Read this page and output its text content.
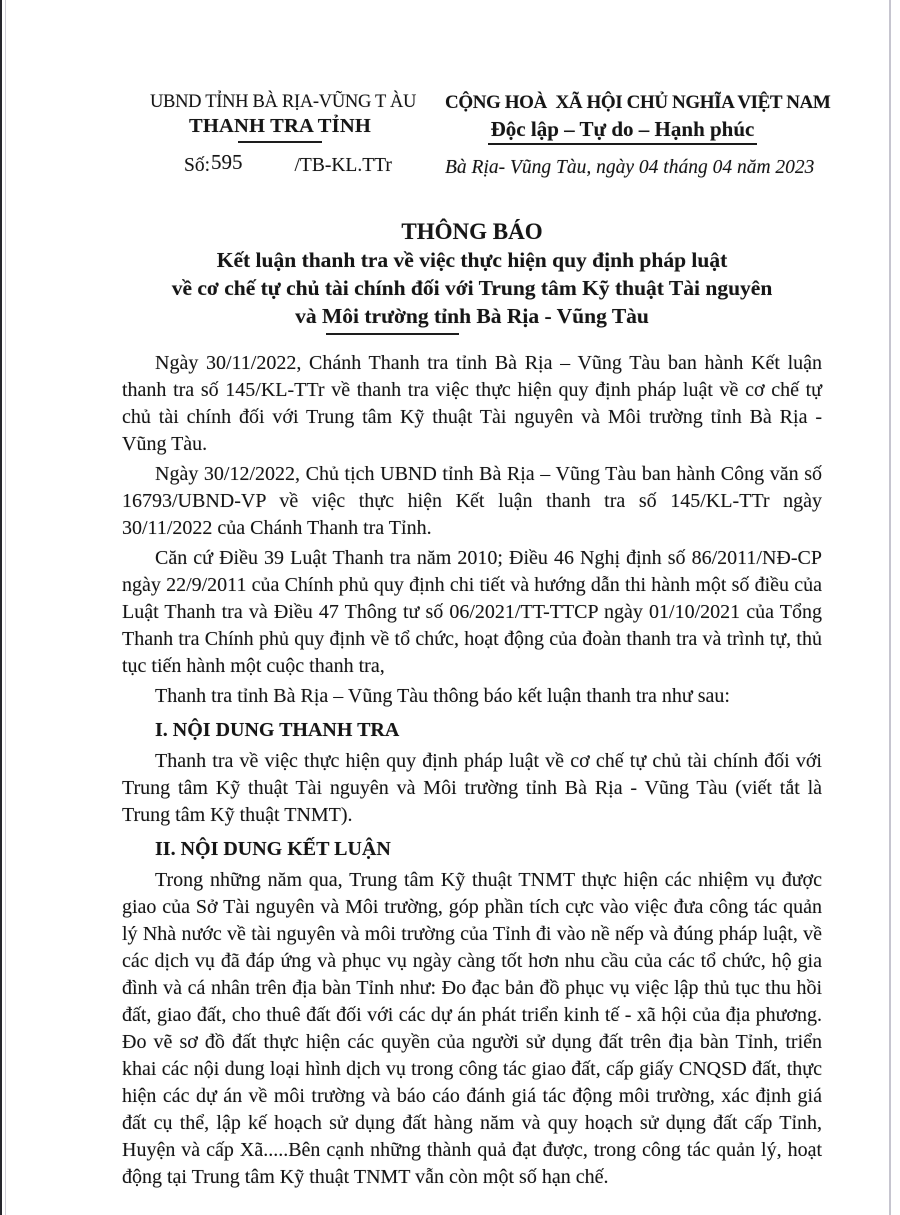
UBND TỈNH BÀ RỊA-VŨNG T ÀU
THANH TRA TỈNH
Số:595	/TB-KL.TTr
CỘNG HOÀ  XÃ HỘI CHỦ NGHĨA VIỆT NAM
Độc lập – Tự do – Hạnh phúc
Bà Rịa- Vũng Tàu, ngày 04 tháng 04 năm 2023
THÔNG BÁO
Kết luận thanh tra về việc thực hiện quy định pháp luật
về cơ chế tự chủ tài chính đối với Trung tâm Kỹ thuật Tài nguyên
và Môi trường tỉnh Bà Rịa - Vũng Tàu

Ngày 30/11/2022, Chánh Thanh tra tỉnh Bà Rịa – Vũng Tàu ban hành Kết luận thanh tra số 145/KL-TTr về thanh tra việc thực hiện quy định pháp luật về cơ chế tự chủ tài chính đối với Trung tâm Kỹ thuật Tài nguyên và Môi trường tỉnh Bà Rịa - Vũng Tàu.

Ngày 30/12/2022, Chủ tịch UBND tỉnh Bà Rịa – Vũng Tàu ban hành Công văn số 16793/UBND-VP về việc thực hiện Kết luận thanh tra số 145/KL-TTr ngày 30/11/2022 của Chánh Thanh tra Tỉnh.

Căn cứ Điều 39 Luật Thanh tra năm 2010; Điều 46 Nghị định số 86/2011/NĐ-CP ngày 22/9/2011 của Chính phủ quy định chi tiết và hướng dẫn thi hành một số điều của Luật Thanh tra và Điều 47 Thông tư số 06/2021/TT-TTCP ngày 01/10/2021 của Tổng Thanh tra Chính phủ quy định về tổ chức, hoạt động của đoàn thanh tra và trình tự, thủ tục tiến hành một cuộc thanh tra,

Thanh tra tỉnh Bà Rịa – Vũng Tàu thông báo kết luận thanh tra như sau:

I. NỘI DUNG THANH TRA

Thanh tra về việc thực hiện quy định pháp luật về cơ chế tự chủ tài chính đối với Trung tâm Kỹ thuật Tài nguyên và Môi trường tỉnh Bà Rịa - Vũng Tàu (viết tắt là Trung tâm Kỹ thuật TNMT).

II. NỘI DUNG KẾT LUẬN

Trong những năm qua, Trung tâm Kỹ thuật TNMT thực hiện các nhiệm vụ được giao của Sở Tài nguyên và Môi trường, góp phần tích cực vào việc đưa công tác quản lý Nhà nước về tài nguyên và môi trường của Tỉnh đi vào nề nếp và đúng pháp luật, về các dịch vụ đã đáp ứng và phục vụ ngày càng tốt hơn nhu cầu của các tổ chức, hộ gia đình và cá nhân trên địa bàn Tỉnh như: Đo đạc bản đồ phục vụ việc lập thủ tục thu hồi đất, giao đất, cho thuê đất đối với các dự án phát triển kinh tế - xã hội của địa phương. Đo vẽ sơ đồ đất thực hiện các quyền của người sử dụng đất trên địa bàn Tỉnh, triển khai các nội dung loại hình dịch vụ trong công tác giao đất, cấp giấy CNQSD đất, thực hiện các dự án về môi trường và báo cáo đánh giá tác động môi trường, xác định giá đất cụ thể, lập kế hoạch sử dụng đất hàng năm và quy hoạch sử dụng đất cấp Tỉnh, Huyện và cấp Xã.....Bên cạnh những thành quả đạt được, trong công tác quản lý, hoạt động tại Trung tâm Kỹ thuật TNMT vẫn còn một số hạn chế.
